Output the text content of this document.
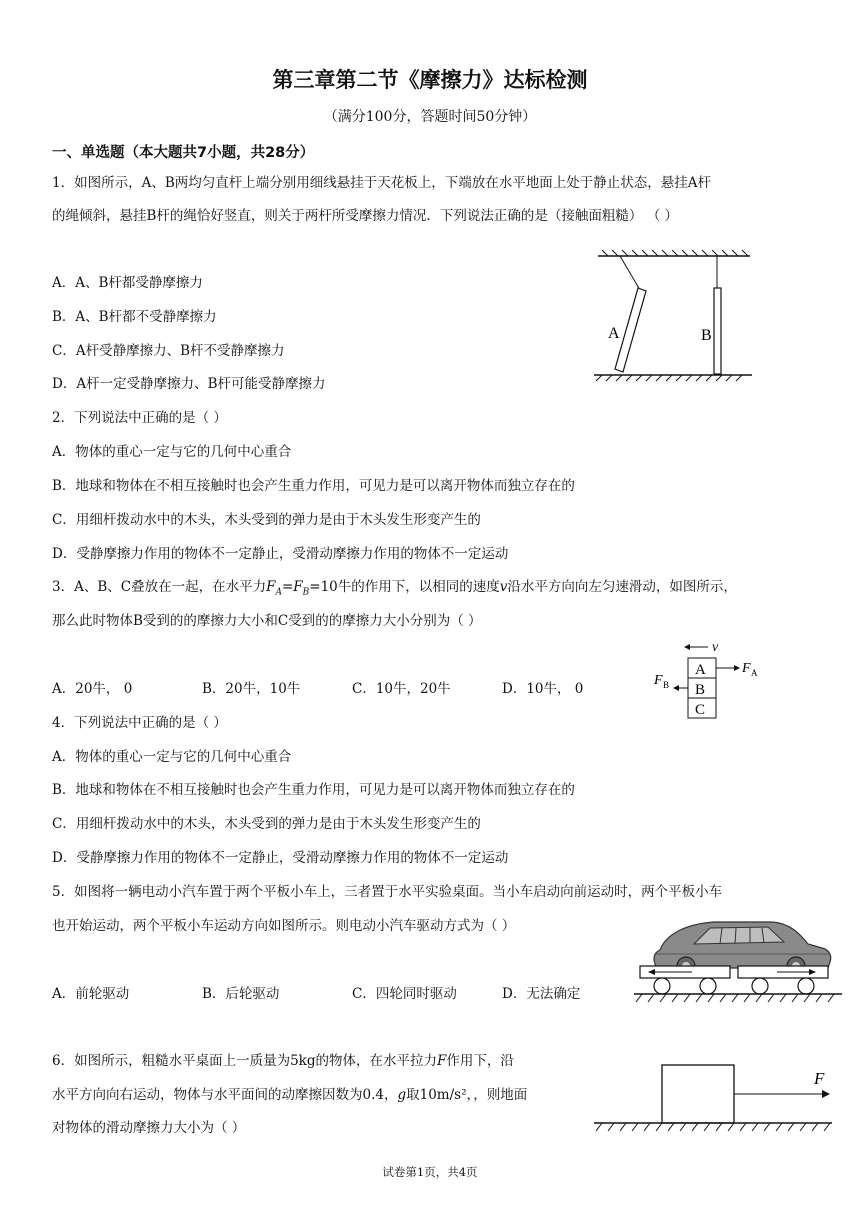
第三章第二节《摩擦力》达标检测
（满分100分，答题时间50分钟）
一、单选题（本大题共7小题，共28分）
1．如图所示，A、B两均匀直杆上端分别用细线悬挂于天花板上，下端放在水平地面上处于静止状态，悬挂A杆
的绳倾斜，悬挂B杆的绳恰好竖直，则关于两杆所受摩擦力情况．下列说法正确的是（接触面粗糙） （ ）
A．A、B杆都受静摩擦力
B．A、B杆都不受静摩擦力
C．A杆受静摩擦力、B杆不受静摩擦力
D．A杆一定受静摩擦力、B杆可能受静摩擦力
A	B
2．下列说法中正确的是（ ）
A．物体的重心一定与它的几何中心重合
B．地球和物体在不相互接触时也会产生重力作用，可见力是可以离开物体而独立存在的
C．用细杆拨动水中的木头，木头受到的弹力是由于木头发生形变产生的
D．受静摩擦力作用的物体不一定静止，受滑动摩擦力作用的物体不一定运动
3．A、B、C叠放在一起，在水平力$F_A=F_B=10$牛的作用下，以相同的速度v沿水平方向向左匀速滑动，如图所示，
那么此时物体B受到的的摩擦力大小和C受到的的摩擦力大小分别为（ ）
A．20牛， 0	B．20牛，10牛	C．10牛，20牛	D．10牛， 0
v
A
B
C
F A
F B
4．下列说法中正确的是（ ）
A．物体的重心一定与它的几何中心重合
B．地球和物体在不相互接触时也会产生重力作用，可见力是可以离开物体而独立存在的
C．用细杆拨动水中的木头，木头受到的弹力是由于木头发生形变产生的
D．受静摩擦力作用的物体不一定静止，受滑动摩擦力作用的物体不一定运动
5．如图将一辆电动小汽车置于两个平板小车上，三者置于水平实验桌面。当小车启动向前运动时，两个平板小车
也开始运动，两个平板小车运动方向如图所示。则电动小汽车驱动方式为（ ）
A．前轮驱动	B．后轮驱动	C．四轮同时驱动	D．无法确定
6．如图所示，粗糙水平桌面上一质量为5kg的物体，在水平拉力F作用下，沿
水平方向向右运动，物体与水平面间的动摩擦因数为0.4，g取10m/s²，，则地面
对物体的滑动摩擦力大小为（ ）
F
试卷第1页，共4页
